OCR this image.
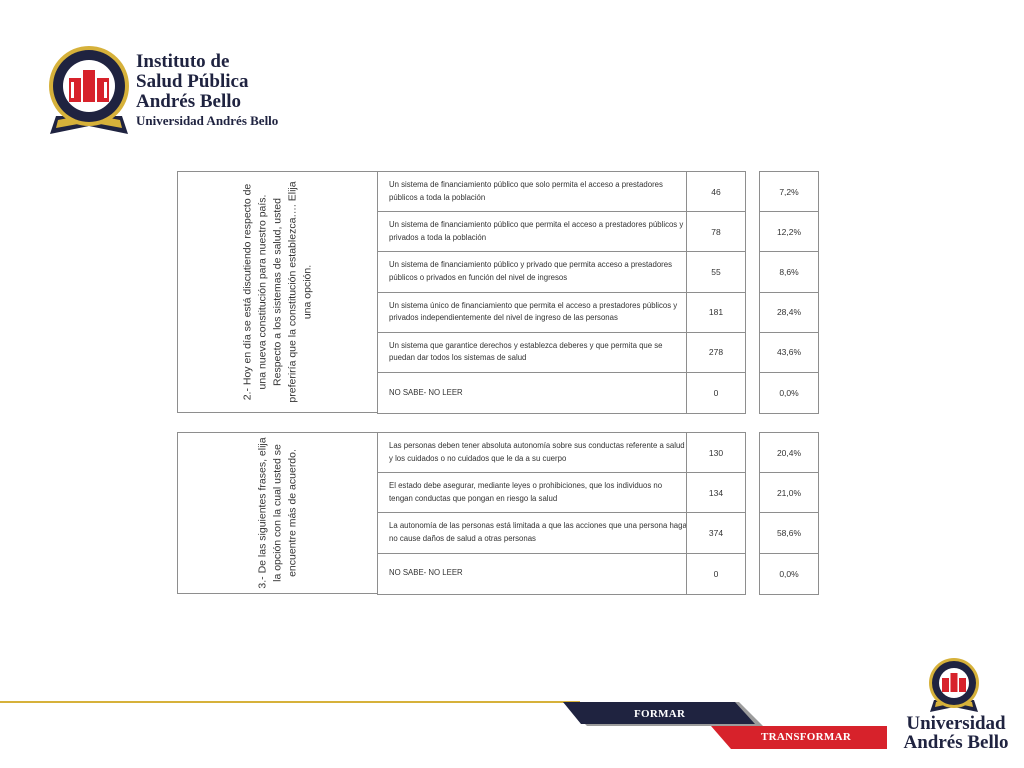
Instituto de
Salud Pública
Andrés Bello
Universidad Andrés Bello
2.- Hoy en día se está discutiendo respecto de una nueva constitución para nuestro país. Respecto a los sistemas de salud, usted preferiría que la constitución establezca…. Elija una opción.
Un sistema de financiamiento público que solo permita el acceso a prestadores públicos a toda la población
46
Un sistema de financiamiento público que permita el acceso a prestadores públicos y privados a toda la población
78
Un sistema de financiamiento público y privado que permita acceso a prestadores públicos o privados en función del nivel de ingresos
55
Un sistema único de financiamiento que permita el acceso a prestadores públicos y privados independientemente del nivel de ingreso de las personas
181
Un sistema que garantice derechos y establezca deberes y que permita que se puedan dar todos los sistemas de salud
278
NO SABE- NO LEER	0
7,2%
12,2%
8,6%
28,4%
43,6%
0,0%
3.- De las siguientes frases, elija la opción con la cual usted se encuentre más de acuerdo.
Las personas deben tener absoluta autonomía sobre sus conductas referente a salud y los cuidados o no cuidados que le da a su cuerpo
130
El estado debe asegurar, mediante leyes o prohibiciones, que los individuos no tengan conductas que pongan en riesgo la salud
134
La autonomía de las personas está limitada a que las acciones que una persona haga no cause daños de salud a otras personas
374
NO SABE- NO LEER	0
20,4%
21,0%
58,6%
0,0%
FORMAR
TRANSFORMAR
Universidad
Andrés Bello
